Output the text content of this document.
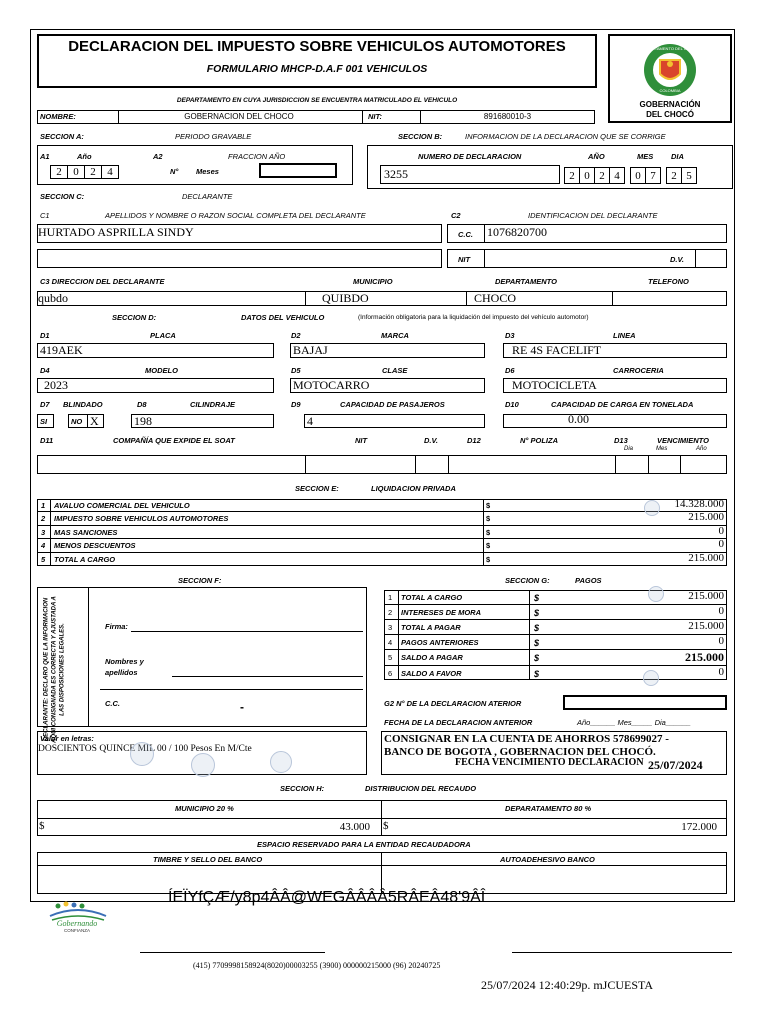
DECLARACION DEL IMPUESTO SOBRE VEHICULOS AUTOMOTORES
FORMULARIO MHCP-D.A.F 001 VEHICULOS
GOBERNACIÓN
DEL CHOCÓ
DEPARTAMENTO DEL CHOCÓ
COLOMBIA
DEPARTAMENTO EN CUYA JURISDICCION SE ENCUENTRA MATRICULADO EL VEHICULO
NOMBRE:	GOBERNACION DEL CHOCO	NIT:	891680010-3
SECCION A:	PERIODO GRAVABLE	SECCION B:	INFORMACION DE LA DECLARACION QUE SE CORRIGE
A1	Año
2	0	2	4
A2	FRACCION AÑO
N° Meses
NUMERO DE DECLARACION	AÑO	MES DIA
3255	2 0 2 4	0 7	2 5
SECCION C:	DECLARANTE
C1	APELLIDOS Y NOMBRE O RAZON SOCIAL COMPLETA DEL DECLARANTE	C2	IDENTIFICACION DEL DECLARANTE
HURTADO ASPRILLA SINDY	C.C. 1076820700
NIT	D.V.
C3 DIRECCION DEL DECLARANTE	MUNICIPIO	DEPARTAMENTO	TELEFONO
qubdo	QUIBDO	CHOCO
SECCION D:	DATOS DEL VEHICULO	(Información obligatoria para la liquidación del impuesto del vehículo automotor)
D1	PLACA	D2	MARCA	D3	LINEA
419AEK	BAJAJ	RE 4S FACELIFT
D4	MODELO	D5	CLASE	D6	CARROCERIA
2023	MOTOCARRO	MOTOCICLETA
D7 BLINDADO	D8	CILINDRAJE	D9	CAPACIDAD DE PASAJEROS	D10	CAPACIDAD DE CARGA EN TONELADA
SI	NO X	198	4	0.00
D11	COMPAÑÍA QUE EXPIDE EL SOAT	NIT	D.V.	D12	N° POLIZA	D13	VENCIMIENTO
Dia	Mes	Año
SECCION E:	LIQUIDACION PRIVADA
1 AVALUO COMERCIAL DEL VEHICULO	$	14.328.000
2 IMPUESTO SOBRE VEHICULOS AUTOMOTORES	$	215.000
3 MAS SANCIONES	$	0
4 MENOS DESCUENTOS	$	0
5 TOTAL A CARGO	$	215.000
SECCION F:	SECCION G:	PAGOS
DECLARANTE: DECLARO QUE LA INFORMACION AQUI CONSIGNADA ES CORRECTA Y AJUSTADA A LAS DISPOSICIONES LEGALES.	Firma:
Nombres y
apellidos
C.C.	-
1 TOTAL A CARGO	$	215.000
2 INTERESES DE MORA	$	0
3 TOTAL A PAGAR	$	215.000
4 PAGOS ANTERIORES	$	0
5 SALDO A PAGAR	$	215.000
6 SALDO A FAVOR	$	0
G2 N° DE LA DECLARACION ATERIOR
FECHA DE LA DECLARACION ANTERIOR	Año______ Mes_____ Dia______
Valor en letras:
DOSCIENTOS QUINCE MIL 00 / 100 Pesos En M/Cte
CONSIGNAR EN LA CUENTA DE AHORROS 578699027 -
BANCO DE BOGOTA , GOBERNACION DEL CHOCÓ.
FECHA VENCIMIENTO DECLARACION 25/07/2024
SECCION H:	DISTRIBUCION DEL RECAUDO
MUNICIPIO 20 %	DEPARATAMENTO 80 %
$	43.000 $	172.000
ESPACIO RESERVADO PARA LA ENTIDAD RECAUDADORA
TIMBRE Y SELLO DEL BANCO	AUTOADEHESIVO BANCO
Gobernando
CONFIANZA
ÍEÏYfÇÆ/y8p4ÂÂ@WEGÂÂÂÂ5RÂEÂ48'9ÂÎ
(415) 7709998158924(8020)00003255 (3900) 000000215000 (96) 20240725
25/07/2024 12:40:29p. mJCUESTA
